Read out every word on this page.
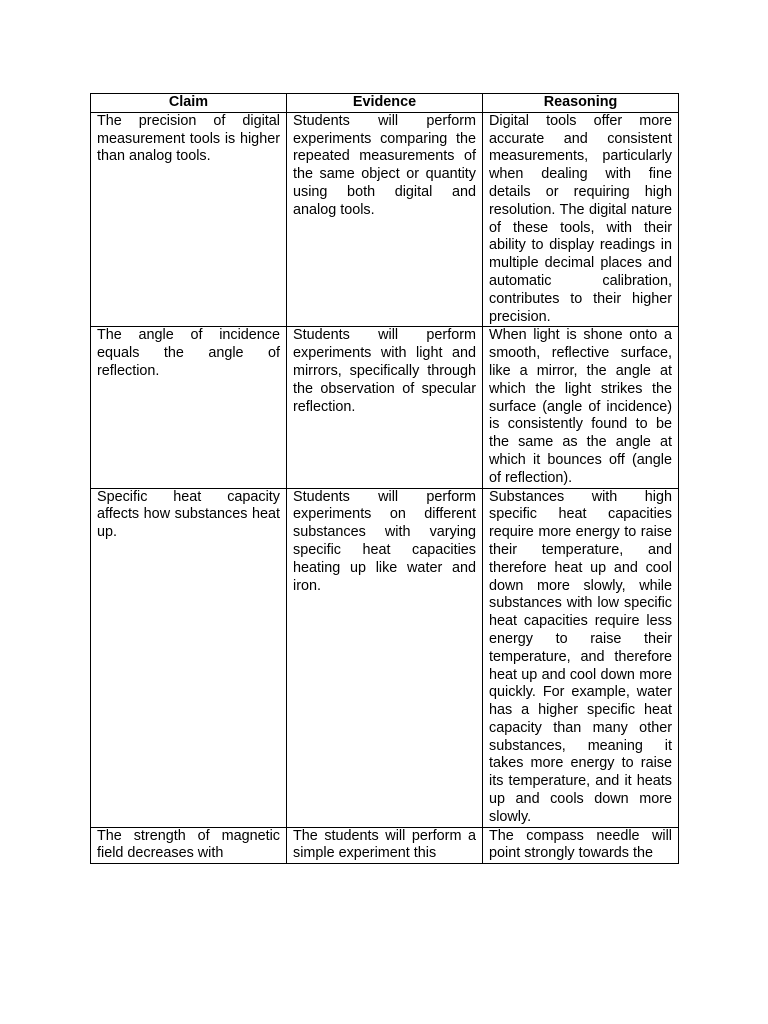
Claim	Evidence	Reasoning
The precision of digital measurement tools is higher than analog tools.	Students will perform experiments comparing the repeated measurements of the same object or quantity using both digital and analog tools.	Digital tools offer more accurate and consistent measurements, particularly when dealing with fine details or requiring high resolution. The digital nature of these tools, with their ability to display readings in multiple decimal places and automatic calibration, contributes to their higher precision.
The angle of incidence equals the angle of reflection.	Students will perform experiments with light and mirrors, specifically through the observation of specular reflection.	When light is shone onto a smooth, reflective surface, like a mirror, the angle at which the light strikes the surface (angle of incidence) is consistently found to be the same as the angle at which it bounces off (angle of reflection).
Specific heat capacity affects how substances heat up.	Students will perform experiments on different substances with varying specific heat capacities heating up like water and iron.	Substances with high specific heat capacities require more energy to raise their temperature, and therefore heat up and cool down more slowly, while substances with low specific heat capacities require less energy to raise their temperature, and therefore heat up and cool down more quickly. For example, water has a higher specific heat capacity than many other substances, meaning it takes more energy to raise its temperature, and it heats up and cools down more slowly.
The strength of magnetic field decreases with	The students will perform a simple experiment this	The compass needle will point strongly towards the
